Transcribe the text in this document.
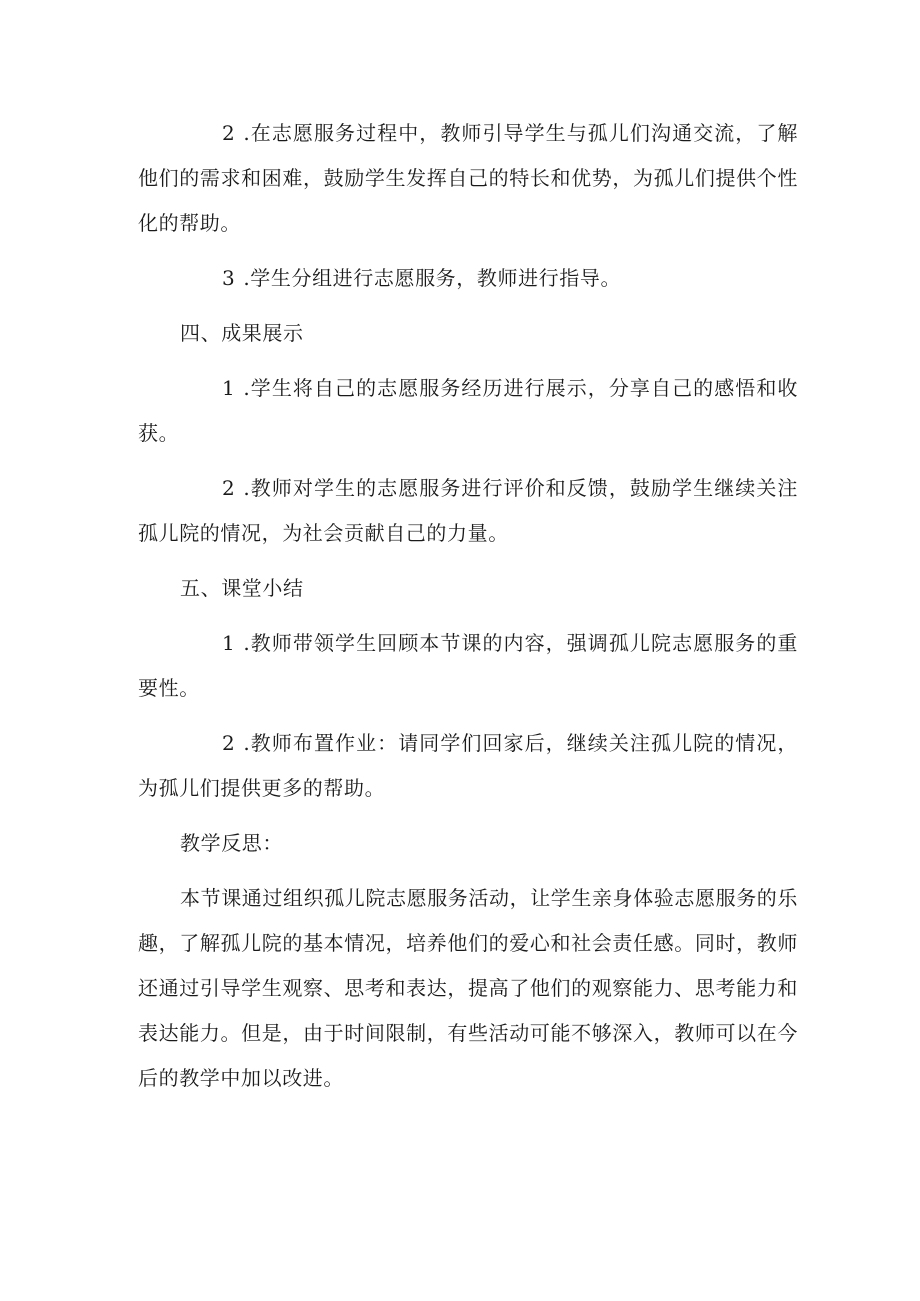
2 .在志愿服务过程中，教师引导学生与孤儿们沟通交流，了解他们的需求和困难，鼓励学生发挥自己的特长和优势，为孤儿们提供个性化的帮助。

3 .学生分组进行志愿服务，教师进行指导。

四、成果展示

1 .学生将自己的志愿服务经历进行展示，分享自己的感悟和收获。

2 .教师对学生的志愿服务进行评价和反馈，鼓励学生继续关注孤儿院的情况，为社会贡献自己的力量。

五、课堂小结

1 .教师带领学生回顾本节课的内容，强调孤儿院志愿服务的重要性。

2 .教师布置作业：请同学们回家后，继续关注孤儿院的情况，为孤儿们提供更多的帮助。

教学反思：

本节课通过组织孤儿院志愿服务活动，让学生亲身体验志愿服务的乐趣，了解孤儿院的基本情况，培养他们的爱心和社会责任感。同时，教师还通过引导学生观察、思考和表达，提高了他们的观察能力、思考能力和表达能力。但是，由于时间限制，有些活动可能不够深入，教师可以在今后的教学中加以改进。
